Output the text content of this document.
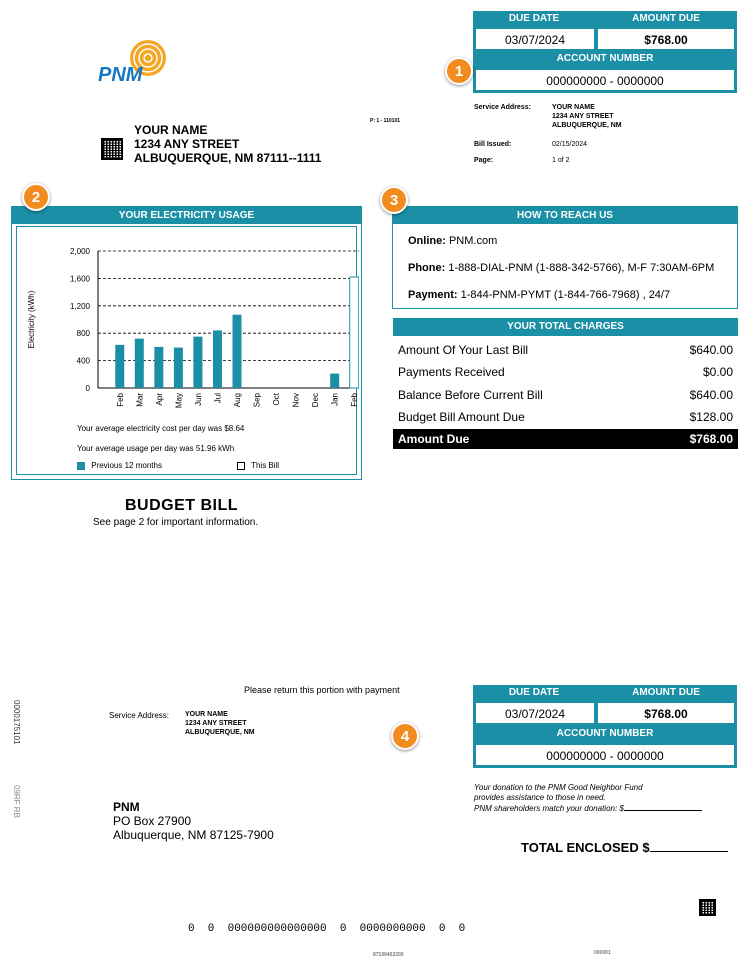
PNM
DUE DATE	AMOUNT DUE
03/07/2024	$768.00
ACCOUNT NUMBER
000000000 - 0000000
1
YOUR NAME
1234 ANY STREET
ALBUQUERQUE, NM 87111--1111
P: 1 - 110101
Service Address:	YOUR NAME
1234 ANY STREET
ALBUQUERQUE, NM
Bill Issued:	02/15/2024
Page:	1 of 2
YOUR ELECTRICITY USAGE
Electricity (kWh)
2,000
1,600
1,200
800
400
0
Feb Mar Apr May Jun Jul Aug Sep Oct Nov Dec Jan Feb
Your average electricity cost per day was $8.64
Your average usage per day was 51.96 kWh
Previous 12 months	This Bill
2
HOW TO REACH US
Online: PNM.com
Phone: 1-888-DIAL-PNM (1-888-342-5766), M-F 7:30AM-6PM
Payment: 1-844-PNM-PYMT (1-844-766-7968) , 24/7
3
YOUR TOTAL CHARGES
Amount Of Your Last Bill	$640.00
Payments Received	$0.00
Balance Before Current Bill	$640.00
Budget Bill Amount Due	$128.00
Amount Due	$768.00
BUDGET BILL
See page 2 for important information.
Please return this portion with payment
0000175101
09RF RB
Service Address: YOUR NAME
1234 ANY STREET
ALBUQUERQUE, NM	4
DUE DATE	AMOUNT DUE
03/07/2024	$768.00
ACCOUNT NUMBER
000000000 - 0000000
Your donation to the PNM Good Neighbor Fund
provides assistance to those in need.
PNM shareholders match your donation: $
TOTAL ENCLOSED $
PNM
PO Box 27900
Albuquerque, NM 87125-7900
0  0  000000000000000  0  0000000000  0  0
87106402200	000001
